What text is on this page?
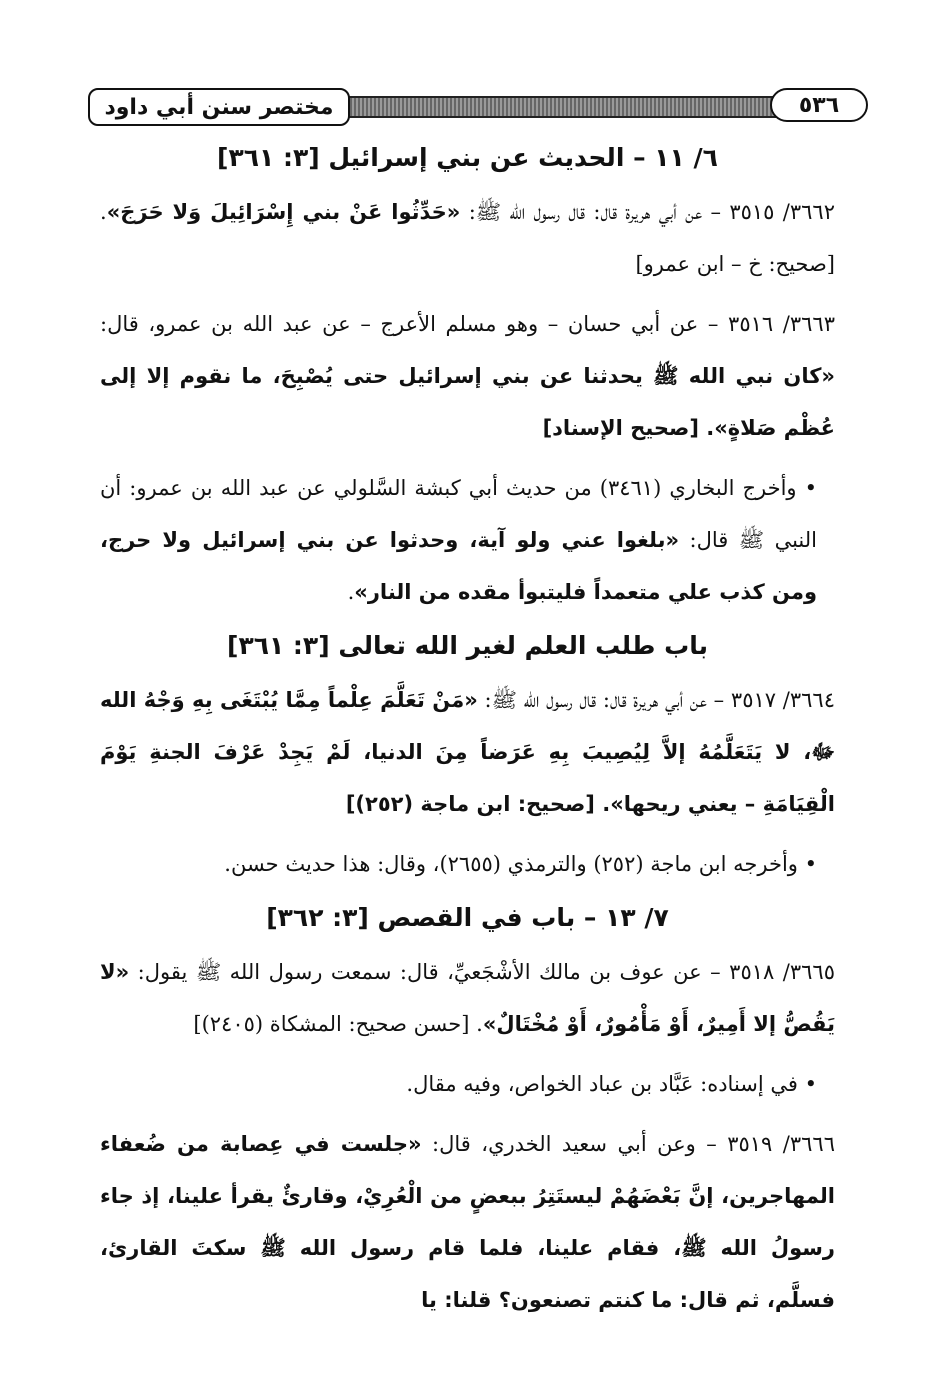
مختصر سنن أبي داود	٥٣٦
٦/ ١١ – الحديث عن بني إسرائيل [٣: ٣٦١]

٣٦٦٢/ ٣٥١٥ – عن أبي هريرة قال: قال رسول الله ﷺ: «حَدِّثُوا عَنْ بني إِسْرَائِيلَ وَلا حَرَجَ». [صحيح: خ – ابن عمرو]

٣٦٦٣/ ٣٥١٦ – عن أبي حسان – وهو مسلم الأعرج – عن عبد الله بن عمرو، قال: «كان نبي الله ﷺ يحدثنا عن بني إسرائيل حتى يُصْبِحَ، ما نقوم إلا إلى عُظْم صَلاةٍ». [صحيح الإسناد]

• وأخرج البخاري (٣٤٦١) من حديث أبي كبشة السَّلولي عن عبد الله بن عمرو: أن النبي ﷺ قال: «بلغوا عني ولو آية، وحدثوا عن بني إسرائيل ولا حرج، ومن كذب علي متعمداً فليتبوأ مقده من النار».

باب طلب العلم لغير الله تعالى [٣: ٣٦١]

٣٦٦٤/ ٣٥١٧ – عن أبي هريرة قال: قال رسول الله ﷺ: «مَنْ تَعَلَّمَ عِلْماً مِمَّا يُبْتَغَى بِهِ وَجْهُ الله ﷻ، لا يَتَعَلَّمُهُ إلاَّ لِيُصِيبَ بِهِ عَرَضاً مِنَ الدنيا، لَمْ يَجِدْ عَرْفَ الجنةِ يَوْمَ الْقِيَامَةِ – يعني ريحها». [صحيح: ابن ماجة (٢٥٢)]

• وأخرجه ابن ماجة (٢٥٢) والترمذي (٢٦٥٥)، وقال: هذا حديث حسن.

٧/ ١٣ – باب في القصص [٣: ٣٦٢]

٣٦٦٥/ ٣٥١٨ – عن عوف بن مالك الأشْجَعيِّ، قال: سمعت رسول الله ﷺ يقول: «لا يَقُصُّ إلا أَمِيرٌ، أَوْ مَأْمُورٌ، أَوْ مُخْتَالٌ». [حسن صحيح: المشكاة (٢٤٠٥)]

• في إسناده: عَبَّاد بن عباد الخواص، وفيه مقال.

٣٦٦٦/ ٣٥١٩ – وعن أبي سعيد الخدري، قال: «جلست في عِصابة من ضُعفاء المهاجرين، إنَّ بَعْضَهُمْ ليستَتِرُ ببعضٍ من الْعُرِيْ، وقارئٌ يقرأ علينا، إذ جاء رسولُ الله ﷺ، فقام علينا، فلما قام رسول الله ﷺ سكتَ القارئ، فسلَّم، ثم قال: ما كنتم تصنعون؟ قلنا: يا
